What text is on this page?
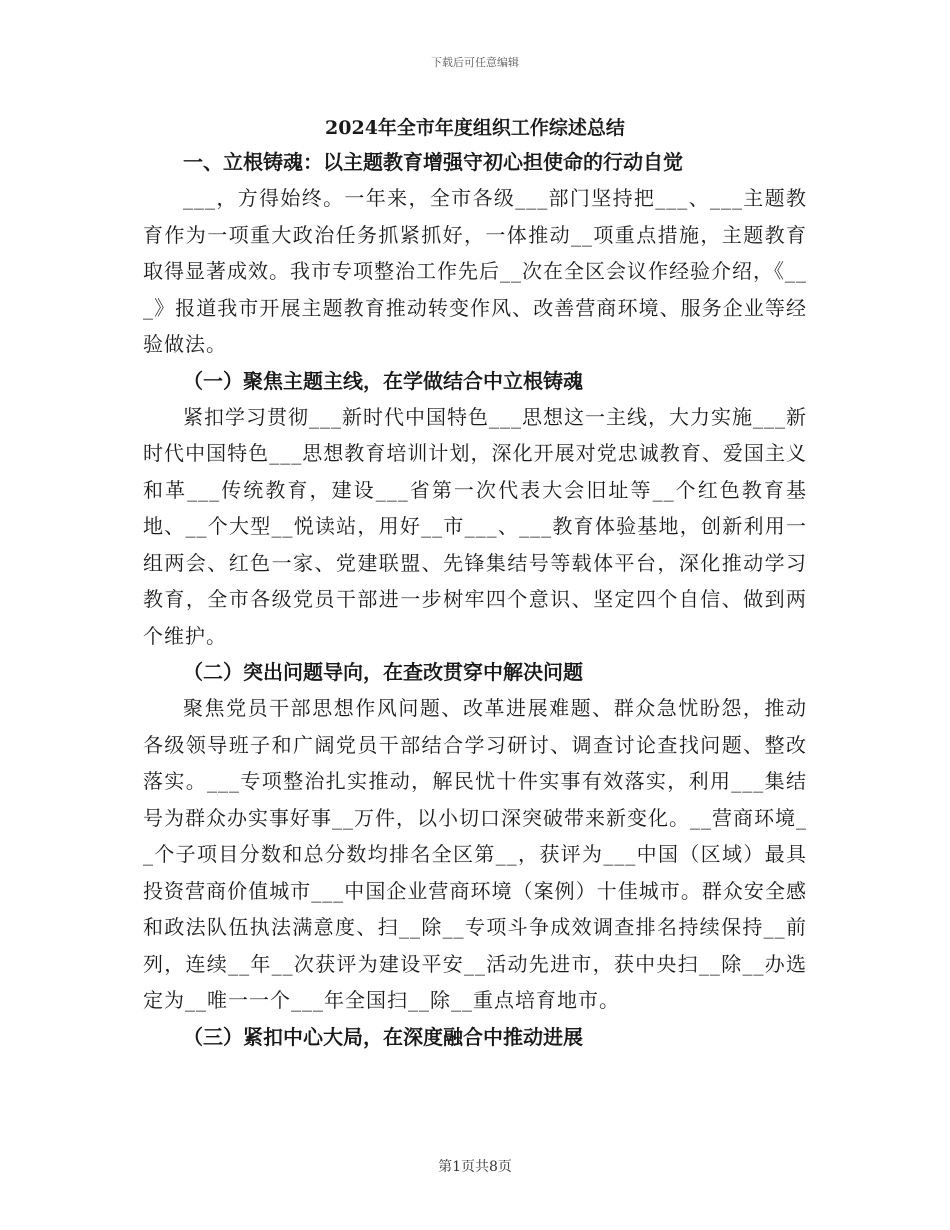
下载后可任意编辑
2024年全市年度组织工作综述总结
一、立根铸魂：以主题教育增强守初心担使命的行动自觉

___，方得始终。一年来，全市各级___部门坚持把___、___主题教育作为一项重大政治任务抓紧抓好，一体推动__项重点措施，主题教育取得显著成效。我市专项整治工作先后__次在全区会议作经验介绍，《___》报道我市开展主题教育推动转变作风、改善营商环境、服务企业等经验做法。

（一）聚焦主题主线，在学做结合中立根铸魂

紧扣学习贯彻___新时代中国特色___思想这一主线，大力实施___新时代中国特色___思想教育培训计划，深化开展对党忠诚教育、爱国主义和革___传统教育，建设___省第一次代表大会旧址等__个红色教育基地、__个大型__悦读站，用好__市___、___教育体验基地，创新利用一组两会、红色一家、党建联盟、先锋集结号等载体平台，深化推动学习教育，全市各级党员干部进一步树牢四个意识、坚定四个自信、做到两个维护。

（二）突出问题导向，在查改贯穿中解决问题

聚焦党员干部思想作风问题、改革进展难题、群众急忧盼怨，推动各级领导班子和广阔党员干部结合学习研讨、调查讨论查找问题、整改落实。___专项整治扎实推动，解民忧十件实事有效落实，利用___集结号为群众办实事好事__万件，以小切口深突破带来新变化。__营商环境__个子项目分数和总分数均排名全区第__，获评为___中国（区域）最具投资营商价值城市___中国企业营商环境（案例）十佳城市。群众安全感和政法队伍执法满意度、扫__除__专项斗争成效调查排名持续保持__前列，连续__年__次获评为建设平安__活动先进市，获中央扫__除__办选定为__唯一一个___年全国扫__除__重点培育地市。

（三）紧扣中心大局，在深度融合中推动进展
第1页共8页
